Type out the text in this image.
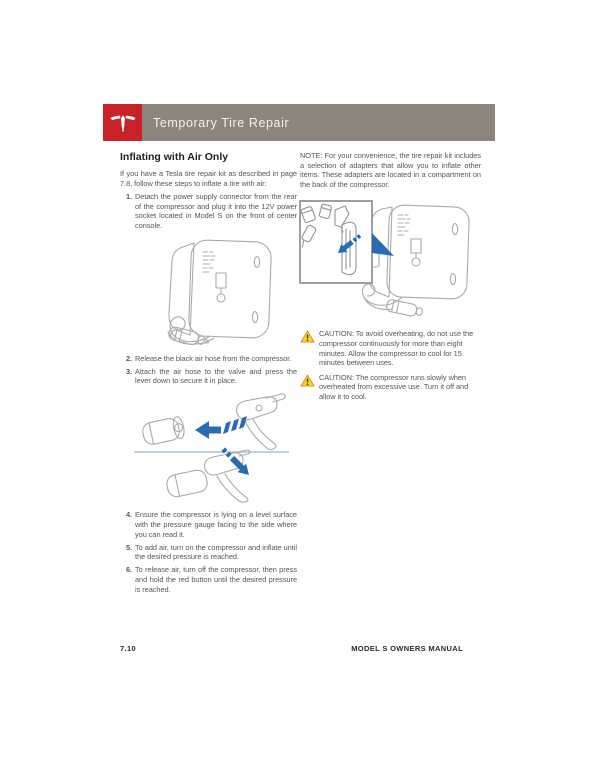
Temporary Tire Repair
Inflating with Air Only

If you have a Tesla tire repair kit as described in page 7.8, follow these steps to inflate a tire with air:

1. Detach the power supply connector from the rear of the compressor and plug it into the 12V power socket located in Model S on the front of center console.
2. Release the black air hose from the compressor.
3. Attach the air hose to the valve and press the lever down to secure it in place.
4. Ensure the compressor is lying on a level surface with the pressure gauge facing to the side where you can read it.
5. To add air, turn on the compressor and inflate until the desired pressure is reached.
6. To release air, turn off the compressor, then press and hold the red button until the desired pressure is reached.

NOTE: For your convenience, the tire repair kit includes a selection of adapters that allow you to inflate other items. These adapters are located in a compartment on the back of the compressor.

CAUTION: To avoid overheating, do not use the compressor continuously for more than eight minutes. Allow the compressor to cool for 15 minutes between uses.
CAUTION: The compressor runs slowly when overheated from excessive use. Turn it off and allow it to cool.
7.10	MODEL S OWNERS MANUAL
